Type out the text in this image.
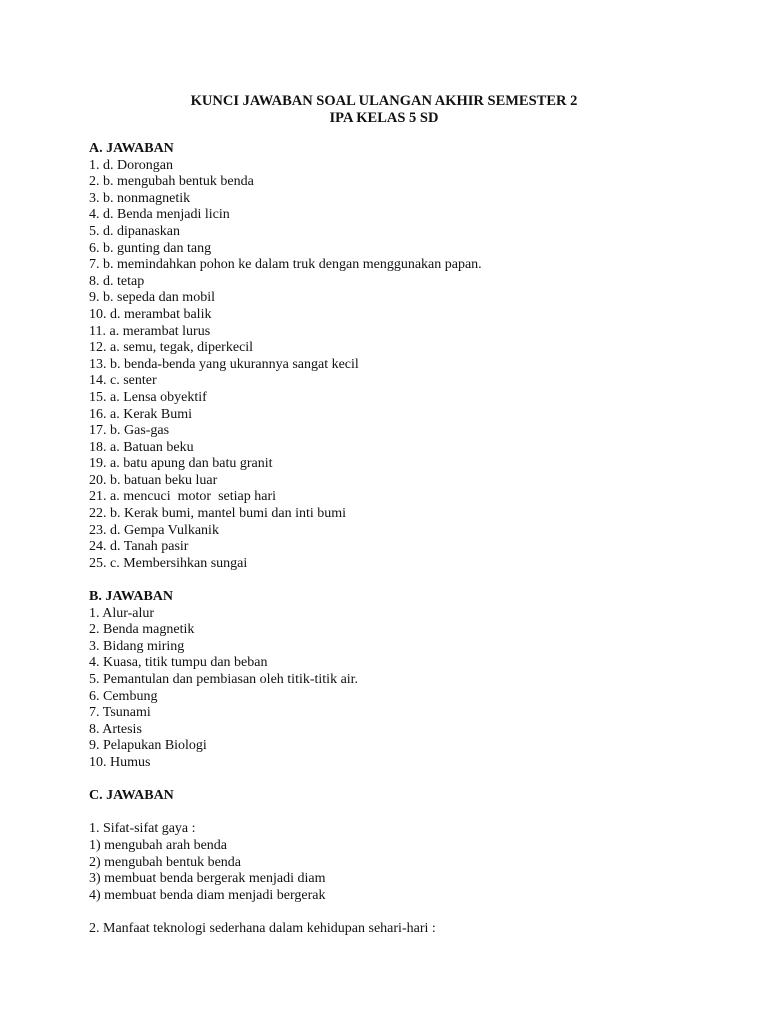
KUNCI JAWABAN SOAL ULANGAN AKHIR SEMESTER 2
IPA KELAS 5 SD

A. JAWABAN

1. d. Dorongan
2. b. mengubah bentuk benda
3. b. nonmagnetik
4. d. Benda menjadi licin
5. d. dipanaskan
6. b. gunting dan tang
7. b. memindahkan pohon ke dalam truk dengan menggunakan papan.
8. d. tetap
9. b. sepeda dan mobil
10. d. merambat balik
11. a. merambat lurus
12. a. semu, tegak, diperkecil
13. b. benda-benda yang ukurannya sangat kecil
14. c. senter
15. a. Lensa obyektif
16. a. Kerak Bumi
17. b. Gas-gas
18. a. Batuan beku
19. a. batu apung dan batu granit
20. b. batuan beku luar
21. a. mencuci  motor  setiap hari
22. b. Kerak bumi, mantel bumi dan inti bumi
23. d. Gempa Vulkanik
24. d. Tanah pasir
25. c. Membersihkan sungai

B. JAWABAN

1. Alur-alur
2. Benda magnetik
3. Bidang miring
4. Kuasa, titik tumpu dan beban
5. Pemantulan dan pembiasan oleh titik-titik air.
6. Cembung
7. Tsunami
8. Artesis
9. Pelapukan Biologi
10. Humus

C. JAWABAN

1. Sifat-sifat gaya :

1) mengubah arah benda
2) mengubah bentuk benda
3) membuat benda bergerak menjadi diam
4) membuat benda diam menjadi bergerak

2. Manfaat teknologi sederhana dalam kehidupan sehari-hari :
